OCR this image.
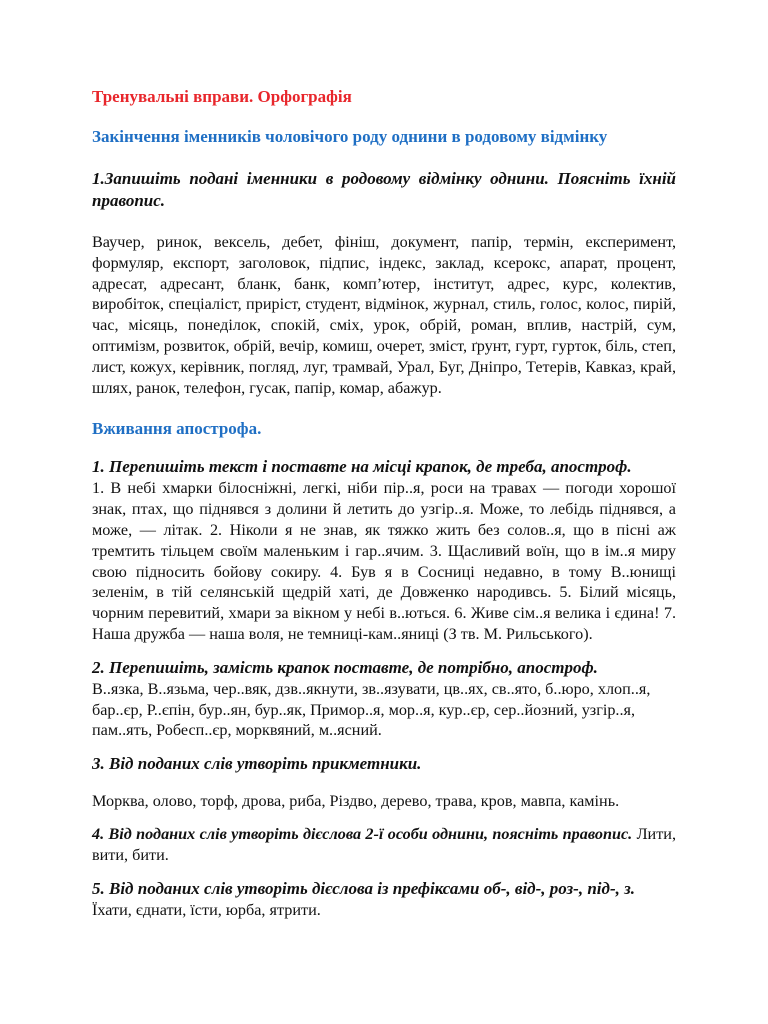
Тренувальні вправи. Орфографія

Закінчення іменників чоловічого роду однини в родовому відмінку

1.Запишіть подані іменники в родовому відмінку однини. Поясніть їхній правопис.

Ваучер, ринок, вексель, дебет, фініш, документ, папір, термін, експеримент, формуляр, експорт, заголовок, підпис, індекс, заклад, ксерокс, апарат, процент, адресат, адресант, бланк, банк, комп’ютер, інститут, адрес, курс, колектив, виробіток, спеціаліст, приріст, студент, відмінок, журнал, стиль, голос, колос, пирій, час, місяць, понеділок, спокій, сміх, урок, обрій, роман, вплив, настрій, сум, оптимізм, розвиток, обрій, вечір, комиш, очерет, зміст, ґрунт, гурт, гурток, біль, степ, лист, кожух, керівник, погляд, луг, трамвай, Урал, Буг, Дніпро, Тетерів, Кавказ, край, шлях, ранок, телефон, гусак, папір, комар, абажур.

Вживання апострофа.

1. Перепишіть текст і поставте на місці крапок, де треба, апостроф.

1. В небі хмарки білосніжні, легкі, ніби пір..я, роси на травах — погоди хорошої знак, птах, що піднявся з долини й летить до узгір..я. Може, то лебідь піднявся, а може, — літак. 2. Ніколи я не знав, як тяжко жить без солов..я, що в пісні аж тремтить тільцем своїм маленьким і гар..ячим. 3. Щасливий воїн, що в ім..я миру свою підносить бойову сокиру. 4. Був я в Сосниці недавно, в тому В..юнищі зеленім, в тій селянській щедрій хаті, де Довженко народивсь. 5. Білий місяць, чорним перевитий, хмари за вікном у небі в..ються. 6. Живе сім..я велика і єдина! 7. Наша дружба — наша воля, не темниці-кам..яниці (З тв. М. Рильського).

2. Перепишіть, замість крапок поставте, де потрібно, апостроф.

В..язка, В..язьма, чер..вяк, дзв..якнути, зв..язувати, цв..ях, св..ято, б..юро, хлоп..я, бар..єр, Р..єпін, бур..ян, бур..як, Примор..я, мор..я, кур..єр, сер..йозний, узгір..я, пам..ять, Робесп..єр, морквяний, м..ясний.

3. Від поданих слів утворіть прикметники.

Морква, олово, торф, дрова, риба, Різдво, дерево, трава, кров, мавпа, камінь.

4. Від поданих слів утворіть дієслова 2-ї особи однини, поясніть правопис. Лити, вити, бити.

5. Від поданих слів утворіть дієслова із префіксами об-, від-, роз-, під-, з.

Їхати, єднати, їсти, юрба, ятрити.
